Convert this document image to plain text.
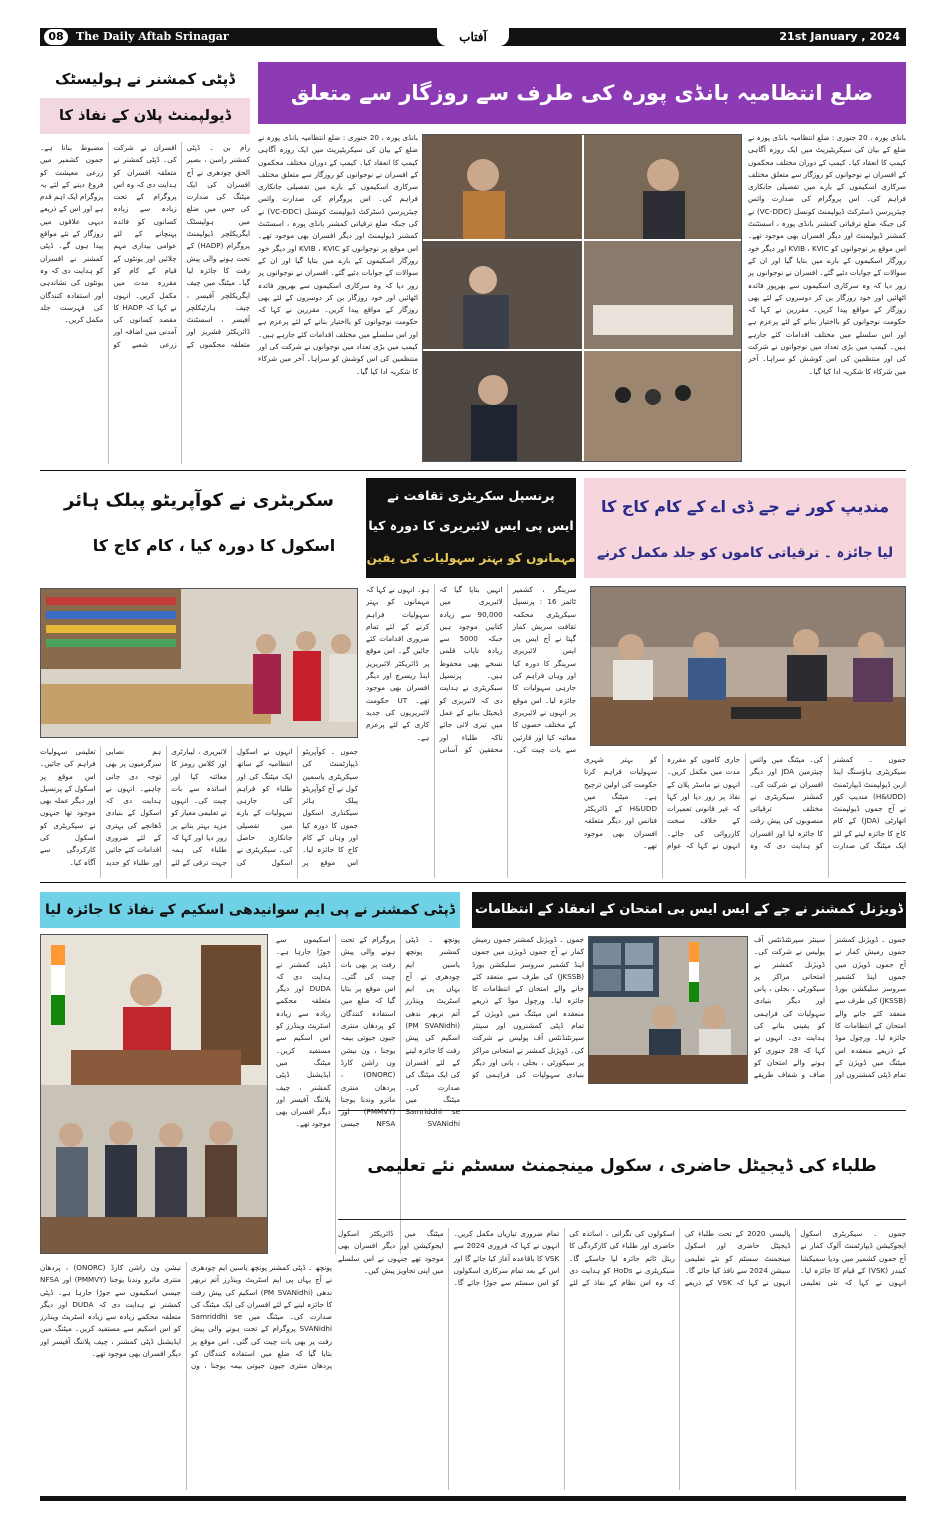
08	The Daily Aftab Srinagar	آفتاب	21st January , 2024
ڈپٹی کمشنر نے ہولیسٹک
ڈیولپمنٹ پلان کے نفاذ کا
رام بن ۔ ڈپٹی کمشنر رامبن ، بصیر الحق چودھری نے آج افسران کی ایک میٹنگ کی صدارت کی جس میں ضلع میں ہولیسٹک ایگریکلچر ڈیولپمنٹ پروگرام (HADP) کے تحت ہونے والی پیش رفت کا جائزہ لیا گیا۔ میٹنگ میں چیف ایگریکلچر آفیسر ، چیف ہارٹیکلچر آفیسر ، اسسٹنٹ ڈائریکٹر فشریز اور متعلقہ محکموں کے افسران نے شرکت کی۔ ڈپٹی کمشنر نے متعلقہ افسران کو ہدایت دی کہ وہ اس پروگرام کے تحت زیادہ سے زیادہ کسانوں کو فائدہ پہنچانے کے لئے عوامی بیداری مہم چلائیں اور یونٹوں کے قیام کے کام کو مقررہ مدت میں مکمل کریں۔ انہوں نے کہا کہ HADP کا مقصد کسانوں کی آمدنی میں اضافہ اور زرعی شعبے کو مضبوط بنانا ہے۔ جموں کشمیر میں زرعی معیشت کو فروغ دینے کے لئے یہ پروگرام ایک اہم قدم ہے اور اس کے ذریعے دیہی علاقوں میں روزگار کے نئے مواقع پیدا ہوں گے۔ ڈپٹی کمشنر نے افسران کو ہدایت دی کہ وہ یونٹوں کی نشاندہی اور استفادہ کنندگان کی فہرست جلد مکمل کریں۔
ضلع انتظامیہ بانڈی پورہ کی طرف سے روزگار سے متعلق
بانڈی پورہ ، 20 جنوری : ضلع انتظامیہ بانڈی پورہ نے ضلع کے بیان کی سیکریٹیریٹ میں ایک روزہ آگاہی کیمپ کا انعقاد کیا۔ کیمپ کے دوران مختلف محکموں کے افسران نے نوجوانوں کو روزگار سے متعلق مختلف سرکاری اسکیموں کے بارے میں تفصیلی جانکاری فراہم کی۔ اس پروگرام کی صدارت وائس چیئرپرسن ڈسٹرکٹ ڈیولپمنٹ کونسل (VC-DDC) نے کی جبکہ ضلع ترقیاتی کمشنر بانڈی پورہ ، اسسٹنٹ کمشنر ڈیولپمنٹ اور دیگر افسران بھی موجود تھے۔ اس موقع پر نوجوانوں کو KVIB ، KVIC اور دیگر خود روزگار اسکیموں کے بارے میں بتایا گیا اور ان کے سوالات کے جوابات دئیے گئے۔ افسران نے نوجوانوں پر زور دیا کہ وہ سرکاری اسکیموں سے بھرپور فائدہ اٹھائیں اور خود روزگار بن کر دوسروں کے لئے بھی روزگار کے مواقع پیدا کریں۔ مقررین نے کہا کہ حکومت نوجوانوں کو بااختیار بنانے کے لئے پرعزم ہے اور اس سلسلے میں مختلف اقدامات کئے جارہے ہیں۔ کیمپ میں بڑی تعداد میں نوجوانوں نے شرکت کی اور منتظمین کی اس کوشش کو سراہا۔ آخر میں شرکاء کا شکریہ ادا کیا گیا۔
بانڈی پورہ ، 20 جنوری : ضلع انتظامیہ بانڈی پورہ نے ضلع کے بیان کی سیکریٹیریٹ میں ایک روزہ آگاہی کیمپ کا انعقاد کیا۔ کیمپ کے دوران مختلف محکموں کے افسران نے نوجوانوں کو روزگار سے متعلق مختلف سرکاری اسکیموں کے بارے میں تفصیلی جانکاری فراہم کی۔ اس پروگرام کی صدارت وائس چیئرپرسن ڈسٹرکٹ ڈیولپمنٹ کونسل (VC-DDC) نے کی جبکہ ضلع ترقیاتی کمشنر بانڈی پورہ ، اسسٹنٹ کمشنر ڈیولپمنٹ اور دیگر افسران بھی موجود تھے۔ اس موقع پر نوجوانوں کو KVIB ، KVIC اور دیگر خود روزگار اسکیموں کے بارے میں بتایا گیا اور ان کے سوالات کے جوابات دئیے گئے۔ افسران نے نوجوانوں پر زور دیا کہ وہ سرکاری اسکیموں سے بھرپور فائدہ اٹھائیں اور خود روزگار بن کر دوسروں کے لئے بھی روزگار کے مواقع پیدا کریں۔ مقررین نے کہا کہ حکومت نوجوانوں کو بااختیار بنانے کے لئے پرعزم ہے اور اس سلسلے میں مختلف اقدامات کئے جارہے ہیں۔ کیمپ میں بڑی تعداد میں نوجوانوں نے شرکت کی اور منتظمین کی اس کوشش کو سراہا۔ آخر میں شرکاء کا شکریہ ادا کیا گیا۔
سکریٹری نے کوآپریٹو پبلک ہائر
اسکول کا دورہ کیا ، کام کاج کا
جموں ۔ کوآپریٹو ڈیپارٹمنٹ کی سیکریٹری یاسمین کول نے آج کوآپریٹو پبلک ہائر سیکنڈری اسکول جموں کا دورہ کیا اور وہاں کے کام کاج کا جائزہ لیا۔ اس موقع پر انہوں نے اسکول انتظامیہ کے ساتھ ایک میٹنگ کی اور طلباء کو فراہم کی جارہی سہولیات کے بارے میں تفصیلی جانکاری حاصل کی۔ سیکریٹری نے اسکول کی لائبریری ، لیبارٹری اور کلاس رومز کا معائنہ کیا اور اساتذہ سے بات چیت کی۔ انہوں نے تعلیمی معیار کو مزید بہتر بنانے پر زور دیا اور کہا کہ طلباء کی ہمہ جہت ترقی کے لئے ہم نصابی سرگرمیوں پر بھی توجہ دی جانی چاہیے۔ انہوں نے ہدایت دی کہ اسکول کے بنیادی ڈھانچے کی بہتری کے لئے ضروری اقدامات کئے جائیں اور طلباء کو جدید تعلیمی سہولیات فراہم کی جائیں۔ اس موقع پر اسکول کے پرنسپل اور دیگر عملہ بھی موجود تھا جنہوں نے سیکریٹری کو اسکول کی کارکردگی سے آگاہ کیا۔
پرنسپل سکریٹری ثقافت نے
ایس پی ایس لائبریری کا دورہ کیا
مہمانوں کو بہتر سہولیات کی یقین
سرینگر ، کشمیر ٹائمز 16 : پرنسپل سیکریٹری محکمہ ثقافت سریش کمار گپتا نے آج ایس پی ایس لائبریری سرینگر کا دورہ کیا اور وہاں فراہم کی جارہی سہولیات کا جائزہ لیا۔ اس موقع پر انہوں نے لائبریری کے مختلف حصوں کا معائنہ کیا اور قارئین سے بات چیت کی۔ انہیں بتایا گیا کہ لائبریری میں 90,000 سے زیادہ کتابیں موجود ہیں جبکہ 5000 سے زیادہ نایاب قلمی نسخے بھی محفوظ ہیں۔ پرنسپل سیکریٹری نے ہدایت دی کہ لائبریری کو ڈیجیٹل بنانے کے عمل میں تیزی لائی جائے تاکہ طلباء اور محققین کو آسانی ہو۔ انہوں نے کہا کہ مہمانوں کو بہتر سہولیات فراہم کرنے کے لئے تمام ضروری اقدامات کئے جائیں گے۔ اس موقع پر ڈائریکٹر لائبریریز اینڈ ریسرچ اور دیگر افسران بھی موجود تھے۔ UT حکومت لائبریریوں کی جدید کاری کے لئے پرعزم ہے۔
مندیپ کور نے جے ڈی اے کے کام کاج کا
لیا جائزہ ۔ ترقیاتی کاموں کو جلد مکمل کرنے
جموں ۔ کمشنر سیکریٹری ہاؤسنگ اینڈ اربن ڈیولپمنٹ ڈیپارٹمنٹ (H&UDD) مندیپ کور نے آج جموں ڈیولپمنٹ اتھارٹی (JDA) کے کام کاج کا جائزہ لینے کے لئے ایک میٹنگ کی صدارت کی۔ میٹنگ میں وائس چیئرمین JDA اور دیگر افسران نے شرکت کی۔ کمشنر سیکریٹری نے مختلف ترقیاتی منصوبوں کی پیش رفت کا جائزہ لیا اور افسران کو ہدایت دی کہ وہ جاری کاموں کو مقررہ مدت میں مکمل کریں۔ انہوں نے ماسٹر پلان کے نفاذ پر زور دیا اور کہا کہ غیر قانونی تعمیرات کے خلاف سخت کارروائی کی جائے۔ انہوں نے کہا کہ عوام کو بہتر شہری سہولیات فراہم کرنا حکومت کی اولین ترجیح ہے۔ میٹنگ میں H&UDD کے ڈائریکٹر فنانس اور دیگر متعلقہ افسران بھی موجود تھے۔
ڈپٹی کمشنر نے پی ایم سوانیدھی اسکیم کے نفاذ کا جائزہ لیا
پونچھ ۔ ڈپٹی کمشنر پونچھ یاسین ایم چودھری نے آج یہاں پی ایم اسٹریٹ وینڈرز آتم نربھر ندھی (PM SVANidhi) اسکیم کی پیش رفت کا جائزہ لینے کے لئے افسران کی ایک میٹنگ کی صدارت کی۔ میٹنگ میں Samriddhi se SVANidhi پروگرام کے تحت ہونے والی پیش رفت پر بھی بات چیت کی گئی۔ اس موقع پر بتایا گیا کہ ضلع میں استفادہ کنندگان کو پردھان منتری جیون جیوتی بیمہ یوجنا ، ون نیشن ون راشن کارڈ (ONORC) ، پردھان منتری ماترو وندنا یوجنا (PMMVY) اور NFSA جیسی اسکیموں سے جوڑا جارہا ہے۔ ڈپٹی کمشنر نے ہدایت دی کہ DUDA اور دیگر متعلقہ محکمے زیادہ سے زیادہ اسٹریٹ وینڈرز کو اس اسکیم سے مستفید کریں۔ میٹنگ میں ایڈیشنل ڈپٹی کمشنر ، چیف پلاننگ آفیسر اور دیگر افسران بھی موجود تھے۔
ڈویژنل کمشنر نے جے کے ایس ایس بی امتحان کے انعقاد کے انتظامات
جموں ۔ ڈویژنل کمشنر جموں رمیش کمار نے آج جموں ڈویژن میں جموں اینڈ کشمیر سروسز سلیکشن بورڈ (JKSSB) کی طرف سے منعقد کئے جانے والے امتحان کے انتظامات کا جائزہ لیا۔ ورچول موڈ کے ذریعے منعقدہ اس میٹنگ میں ڈویژن کے تمام ڈپٹی کمشنروں اور سینئر سپرنٹنڈنٹس آف پولیس نے شرکت کی۔ ڈویژنل کمشنر نے امتحانی مراکز پر سیکورٹی ، بجلی ، پانی اور دیگر بنیادی سہولیات کی فراہمی کو
جموں ۔ ڈویژنل کمشنر جموں رمیش کمار نے آج جموں ڈویژن میں جموں اینڈ کشمیر سروسز سلیکشن بورڈ (JKSSB) کی طرف سے منعقد کئے جانے والے امتحان کے انتظامات کا جائزہ لیا۔ ورچول موڈ کے ذریعے منعقدہ اس میٹنگ میں ڈویژن کے تمام ڈپٹی کمشنروں اور سینئر سپرنٹنڈنٹس آف پولیس نے شرکت کی۔ ڈویژنل کمشنر نے امتحانی مراکز پر سیکورٹی ، بجلی ، پانی اور دیگر بنیادی سہولیات کی فراہمی کو یقینی بنانے کی ہدایت دی۔ انہوں نے کہا کہ 28 جنوری کو ہونے والے امتحان کو صاف و شفاف طریقے
پونچھ ۔ ڈپٹی کمشنر پونچھ یاسین ایم چودھری نے آج یہاں پی ایم اسٹریٹ وینڈرز آتم نربھر ندھی (PM SVANidhi) اسکیم کی پیش رفت کا جائزہ لینے کے لئے افسران کی ایک میٹنگ کی صدارت کی۔ میٹنگ میں Samriddhi se SVANidhi پروگرام کے تحت ہونے والی پیش رفت پر بھی بات چیت کی گئی۔ اس موقع پر بتایا گیا کہ ضلع میں استفادہ کنندگان کو پردھان منتری جیون جیوتی بیمہ یوجنا ، ون نیشن ون راشن کارڈ (ONORC) ، پردھان منتری ماترو وندنا یوجنا (PMMVY) اور NFSA جیسی اسکیموں سے جوڑا جارہا ہے۔ ڈپٹی کمشنر نے ہدایت دی کہ DUDA اور دیگر متعلقہ محکمے زیادہ سے زیادہ اسٹریٹ وینڈرز کو اس اسکیم سے مستفید کریں۔ میٹنگ میں ایڈیشنل ڈپٹی کمشنر ، چیف پلاننگ آفیسر اور دیگر افسران بھی موجود تھے۔
طلباء کی ڈیجیٹل حاضری ، سکول مینجمنٹ سسٹم نئے تعلیمی
جموں ۔ سیکریٹری اسکول ایجوکیشن ڈیپارٹمنٹ آلوک کمار نے آج جموں کشمیر میں ودیا سمیکشا کیندر (VSK) کے قیام کا جائزہ لیا۔ انہوں نے کہا کہ نئی تعلیمی پالیسی 2020 کے تحت طلباء کی ڈیجیٹل حاضری اور اسکول مینجمنٹ سسٹم کو نئے تعلیمی سیشن 2024 سے نافذ کیا جائے گا۔ انہوں نے کہا کہ VSK کے ذریعے اسکولوں کی نگرانی ، اساتذہ کی حاضری اور طلباء کی کارکردگی کا ریئل ٹائم جائزہ لیا جاسکے گا۔ سیکریٹری نے HoDs کو ہدایت دی کہ وہ اس نظام کے نفاذ کے لئے تمام ضروری تیاریاں مکمل کریں۔ انہوں نے کہا کہ فروری 2024 سے VSK کا باقاعدہ آغاز کیا جائے گا اور اس کے بعد تمام سرکاری اسکولوں کو اس سسٹم سے جوڑا جائے گا۔ میٹنگ میں ڈائریکٹر اسکول ایجوکیشن اور دیگر افسران بھی موجود تھے جنہوں نے اس سلسلے میں اپنی تجاویز پیش کیں۔
